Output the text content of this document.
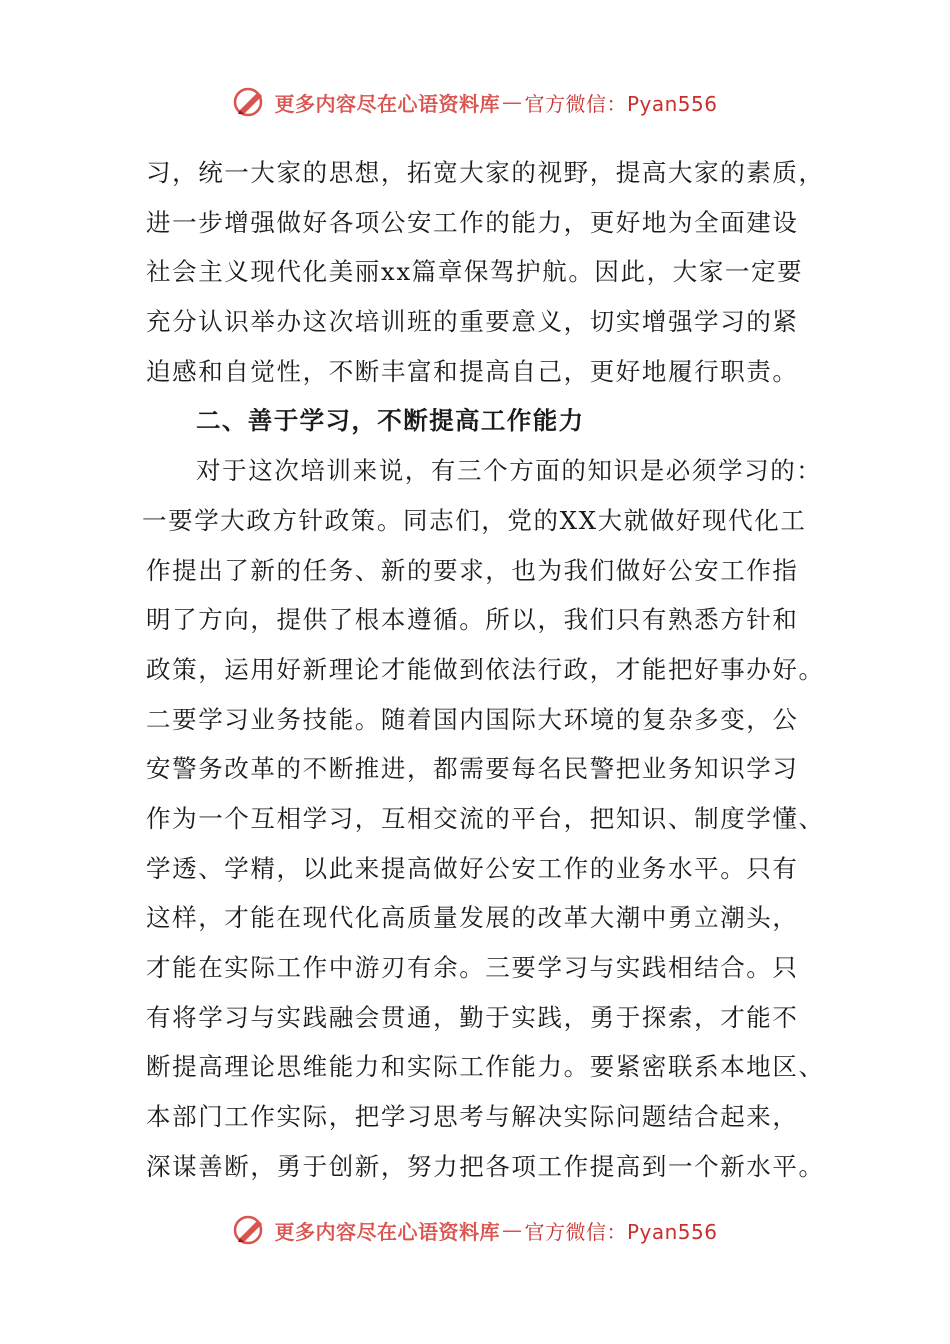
更多内容尽在心语资料库 — 官方微信：Pyan556
习，统一大家的思想，拓宽大家的视野，提高大家的素质，
进一步增强做好各项公安工作的能力，更好地为全面建设
社会主义现代化美丽xx篇章保驾护航。因此，大家一定要
充分认识举办这次培训班的重要意义，切实增强学习的紧
迫感和自觉性，不断丰富和提高自己，更好地履行职责。
二、善于学习，不断提高工作能力
对于这次培训来说，有三个方面的知识是必须学习的：
一要学大政方针政策。同志们，党的XX大就做好现代化工
作提出了新的任务、新的要求，也为我们做好公安工作指
明了方向，提供了根本遵循。所以，我们只有熟悉方针和
政策，运用好新理论才能做到依法行政，才能把好事办好。
二要学习业务技能。随着国内国际大环境的复杂多变，公
安警务改革的不断推进，都需要每名民警把业务知识学习
作为一个互相学习，互相交流的平台，把知识、制度学懂、
学透、学精，以此来提高做好公安工作的业务水平。只有
这样，才能在现代化高质量发展的改革大潮中勇立潮头，
才能在实际工作中游刃有余。三要学习与实践相结合。只
有将学习与实践融会贯通，勤于实践，勇于探索，才能不
断提高理论思维能力和实际工作能力。要紧密联系本地区、
本部门工作实际，把学习思考与解决实际问题结合起来，
深谋善断，勇于创新，努力把各项工作提高到一个新水平。
更多内容尽在心语资料库 — 官方微信：Pyan556
